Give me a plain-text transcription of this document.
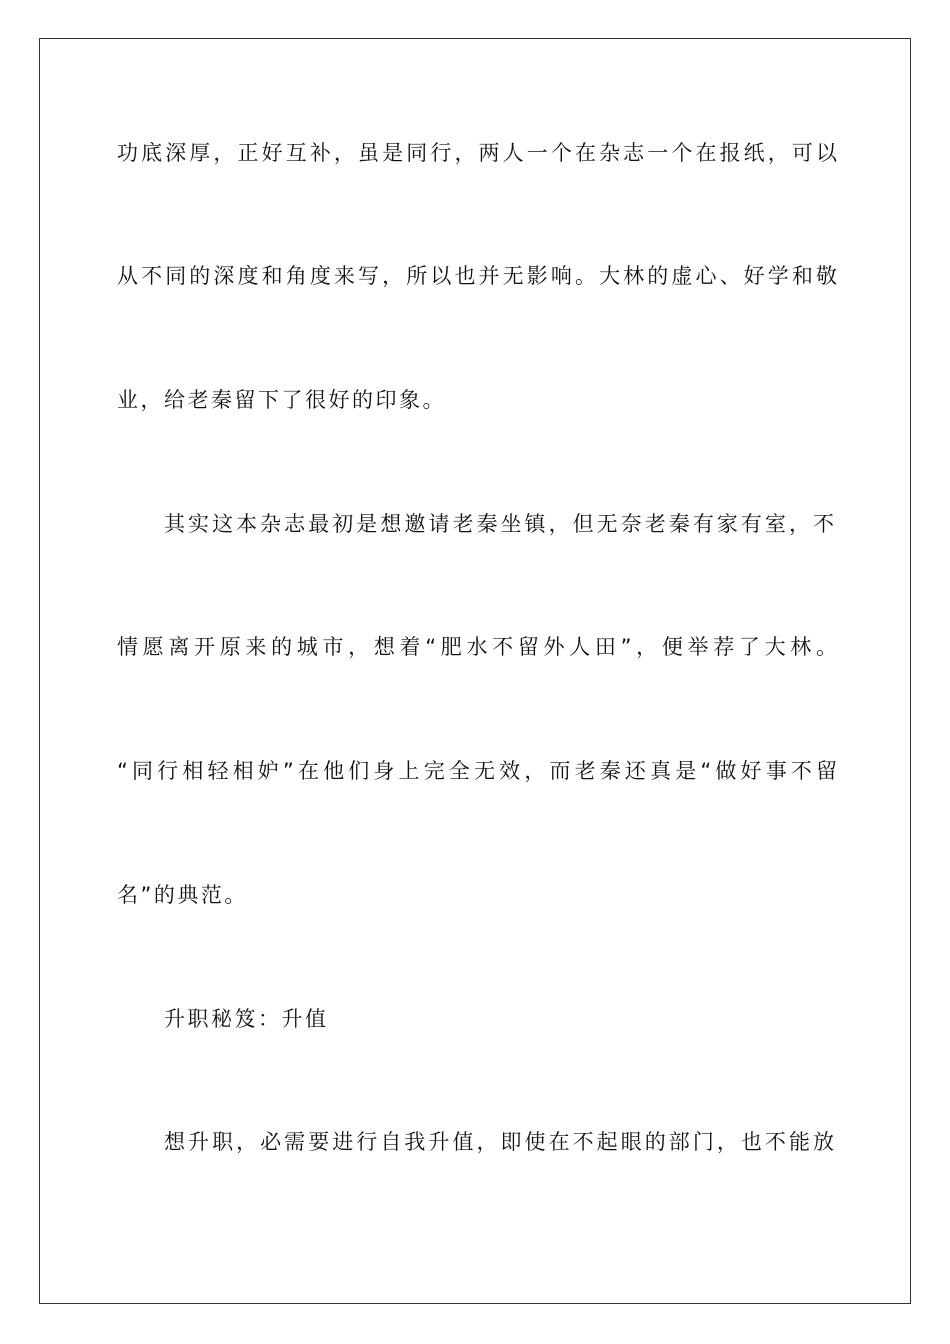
功底深厚，正好互补，虽是同行，两人一个在杂志一个在报纸，可以
从不同的深度和角度来写，所以也并无影响。大林的虚心、好学和敬
业，给老秦留下了很好的印象。
其实这本杂志最初是想邀请老秦坐镇，但无奈老秦有家有室，不
情愿离开原来的城市，想着“肥水不留外人田”，便举荐了大林。
“同行相轻相妒”在他们身上完全无效，而老秦还真是“做好事不留
名”的典范。
升职秘笈：升值
想升职，必需要进行自我升值，即使在不起眼的部门，也不能放
